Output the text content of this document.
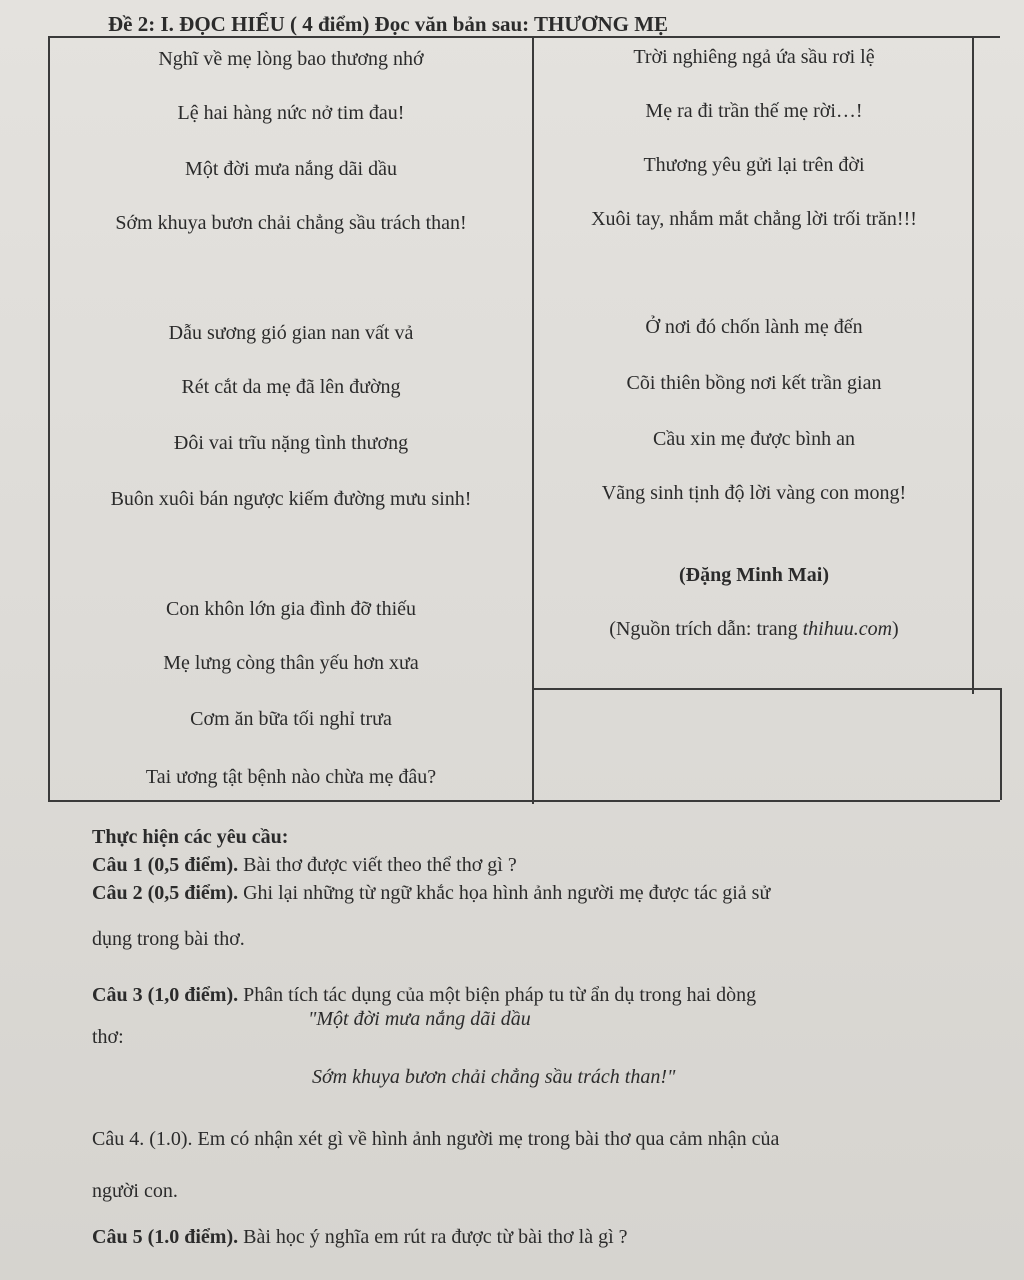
Đề 2: I. ĐỌC HIỂU ( 4 điểm) Đọc văn bản sau: THƯƠNG MẸ
Nghĩ về mẹ lòng bao thương nhớ
Lệ hai hàng nức nở tim đau!
Một đời mưa nắng dãi dầu
Sớm khuya bươn chải chẳng sầu trách than!
Dẫu sương gió gian nan vất vả
Rét cắt da mẹ đã lên đường
Đôi vai trĩu nặng tình thương
Buôn xuôi bán ngược kiếm đường mưu sinh!
Con khôn lớn gia đình đỡ thiếu
Mẹ lưng còng thân yếu hơn xưa
Cơm ăn bữa tối nghỉ trưa
Tai ương tật bệnh nào chừa mẹ đâu?
Trời nghiêng ngả ứa sầu rơi lệ
Mẹ ra đi trần thế mẹ rời…!
Thương yêu gửi lại trên đời
Xuôi tay, nhắm mắt chẳng lời trối trăn!!!
Ở nơi đó chốn lành mẹ đến
Cõi thiên bồng nơi kết trần gian
Cầu xin mẹ được bình an
Vãng sinh tịnh độ lời vàng con mong!
(Đặng Minh Mai)
(Nguồn trích dẫn: trang thihuu.com)
Thực hiện các yêu cầu:
Câu 1 (0,5 điểm). Bài thơ được viết theo thể thơ gì ?
Câu 2 (0,5 điểm). Ghi lại những từ ngữ khắc họa hình ảnh người mẹ được tác giả sử
dụng trong bài thơ.
Câu 3 (1,0 điểm). Phân tích tác dụng của một biện pháp tu từ ẩn dụ trong hai dòng
thơ:
"Một đời mưa nắng dãi dầu
Sớm khuya bươn chải chẳng sầu trách than!"
Câu 4. (1.0). Em có nhận xét gì về hình ảnh người mẹ trong bài thơ qua cảm nhận của
người con.
Câu 5 (1.0 điểm). Bài học ý nghĩa em rút ra được từ bài thơ là gì ?
